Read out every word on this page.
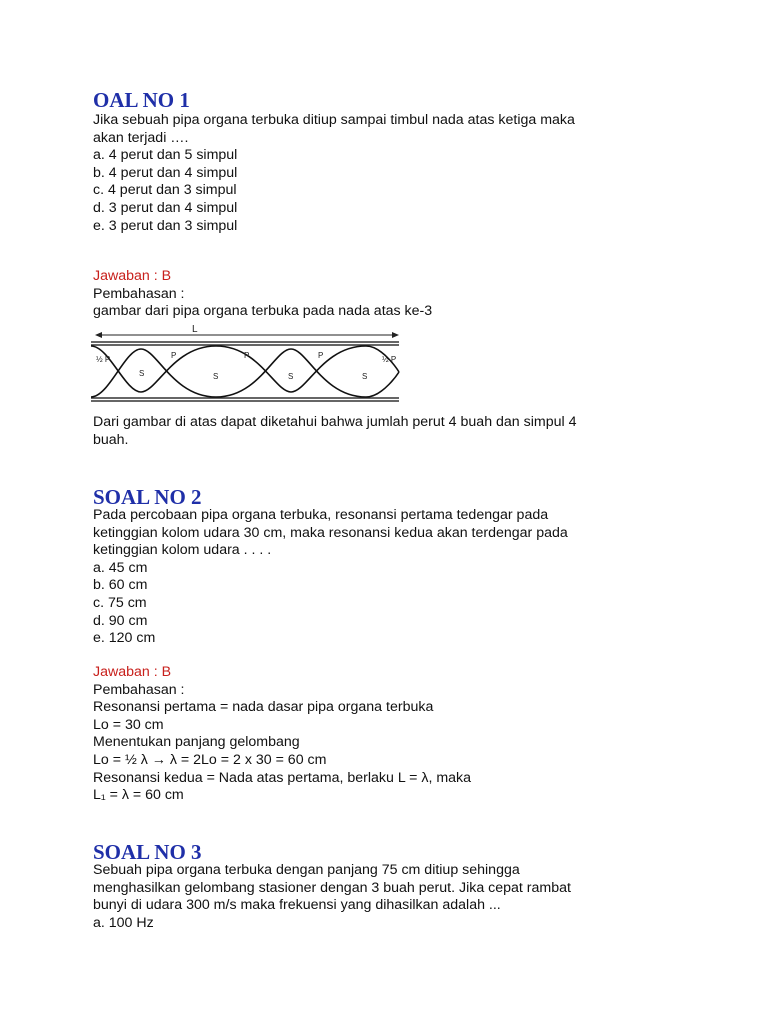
OAL NO 1
Jika sebuah pipa organa terbuka ditiup sampai timbul nada atas ketiga maka
akan terjadi ….
a. 4 perut dan 5 simpul
b. 4 perut dan 4 simpul
c. 4 perut dan 3 simpul
d. 3 perut dan 4 simpul
e. 3 perut dan 3 simpul
Jawaban : B
Pembahasan :
gambar dari pipa organa terbuka pada nada atas ke-3
L
½ P	½ P
P	P	P
S	S	S	S
Dari gambar di atas dapat diketahui bahwa jumlah perut 4 buah dan simpul 4
buah.
SOAL NO 2
Pada percobaan pipa organa terbuka, resonansi pertama tedengar pada
ketinggian kolom udara 30 cm, maka resonansi kedua akan terdengar pada
ketinggian kolom udara . . . .
a. 45 cm
b. 60 cm
c. 75 cm
d. 90 cm
e. 120 cm
Jawaban : B
Pembahasan :
Resonansi pertama = nada dasar pipa organa terbuka
Lo = 30 cm
Menentukan panjang gelombang
Lo = ½ λ → λ = 2Lo = 2 x 30 = 60 cm
Resonansi kedua = Nada atas pertama, berlaku L = λ, maka
L₁ = λ = 60 cm
SOAL NO 3
Sebuah pipa organa terbuka dengan panjang 75 cm ditiup sehingga
menghasilkan gelombang stasioner dengan 3 buah perut. Jika cepat rambat
bunyi di udara 300 m/s maka frekuensi yang dihasilkan adalah ...
a. 100 Hz
